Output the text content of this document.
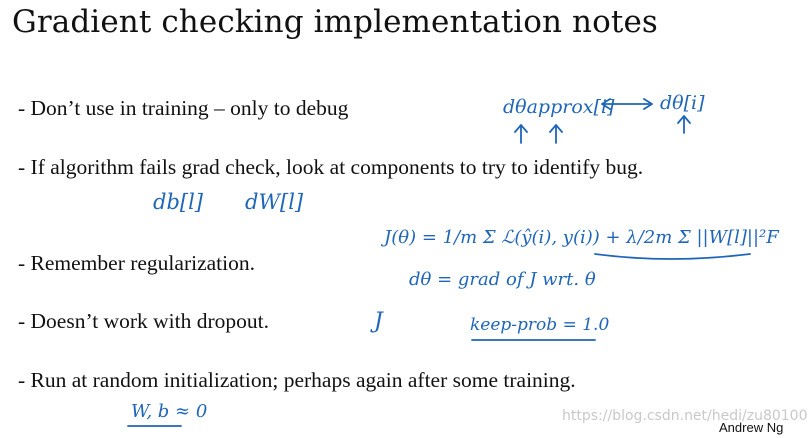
Gradient checking implementation notes
- Don’t use in training – only to debug
- If algorithm fails grad check, look at components to try to identify bug.
- Remember regularization.
- Doesn’t work with dropout.
- Run at random initialization; perhaps again after some training.
dθapprox[i] dθ[i]
db[l] dW[l]
J(θ) = 1/m Σ ℒ(ŷ(i), y(i)) + λ/2m Σ ||W[l]||²F
dθ = grad of J wrt. θ
J	keep-prob = 1.0
W, b ≈ 0	https://blog.csdn.net/hedi/zu80100
Andrew Ng
